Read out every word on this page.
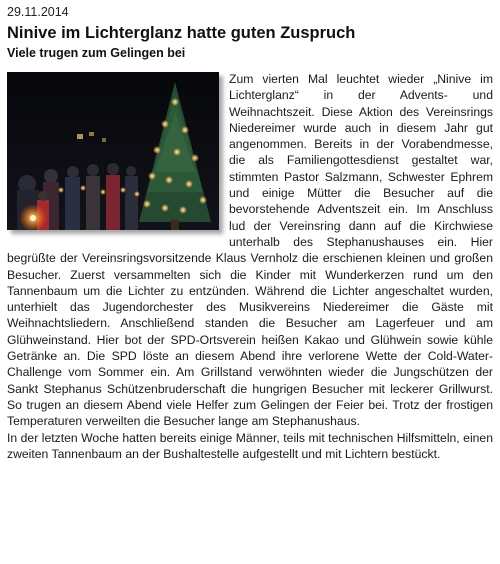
29.11.2014
Ninive im Lichterglanz hatte guten Zuspruch
Viele trugen zum Gelingen bei

Zum vierten Mal leuchtet wieder „Ninive im Lichterglanz“ in der Advents- und Weihnachtszeit. Diese Aktion des Vereinsrings Niedereimer wurde auch in diesem Jahr gut angenommen. Bereits in der Vorabendmesse, die als Familiengottesdienst gestaltet war, stimmten Pastor Salzmann, Schwester Ephrem und einige Mütter die Besucher auf die bevorstehende Adventszeit ein. Im Anschluss lud der Vereinsring dann auf die Kirchwiese unterhalb des Stephanushauses ein. Hier begrüßte der Vereinsringsvorsitzende Klaus Vernholz die erschienen kleinen und großen Besucher. Zuerst versammelten sich die Kinder mit Wunderkerzen rund um den Tannenbaum um die Lichter zu entzünden. Während die Lichter angeschaltet wurden, unterhielt das Jugendorchester des Musikvereins Niedereimer die Gäste mit Weihnachtsliedern. Anschließend standen die Besucher am Lagerfeuer und am Glühweinstand. Hier bot der SPD-Ortsverein heißen Kakao und Glühwein sowie kühle Getränke an. Die SPD löste an diesem Abend ihre verlorene Wette der Cold-Water-Challenge vom Sommer ein. Am Grillstand verwöhnten wieder die Jungschützen der Sankt Stephanus Schützenbruderschaft die hungrigen Besucher mit leckerer Grillwurst. So trugen an diesem Abend viele Helfer zum Gelingen der Feier bei. Trotz der frostigen Temperaturen verweilten die Besucher lange am Stephanushaus.

In der letzten Woche hatten bereits einige Männer, teils mit technischen Hilfsmitteln, einen zweiten Tannenbaum an der Bushaltestelle aufgestellt und mit Lichtern bestückt.
